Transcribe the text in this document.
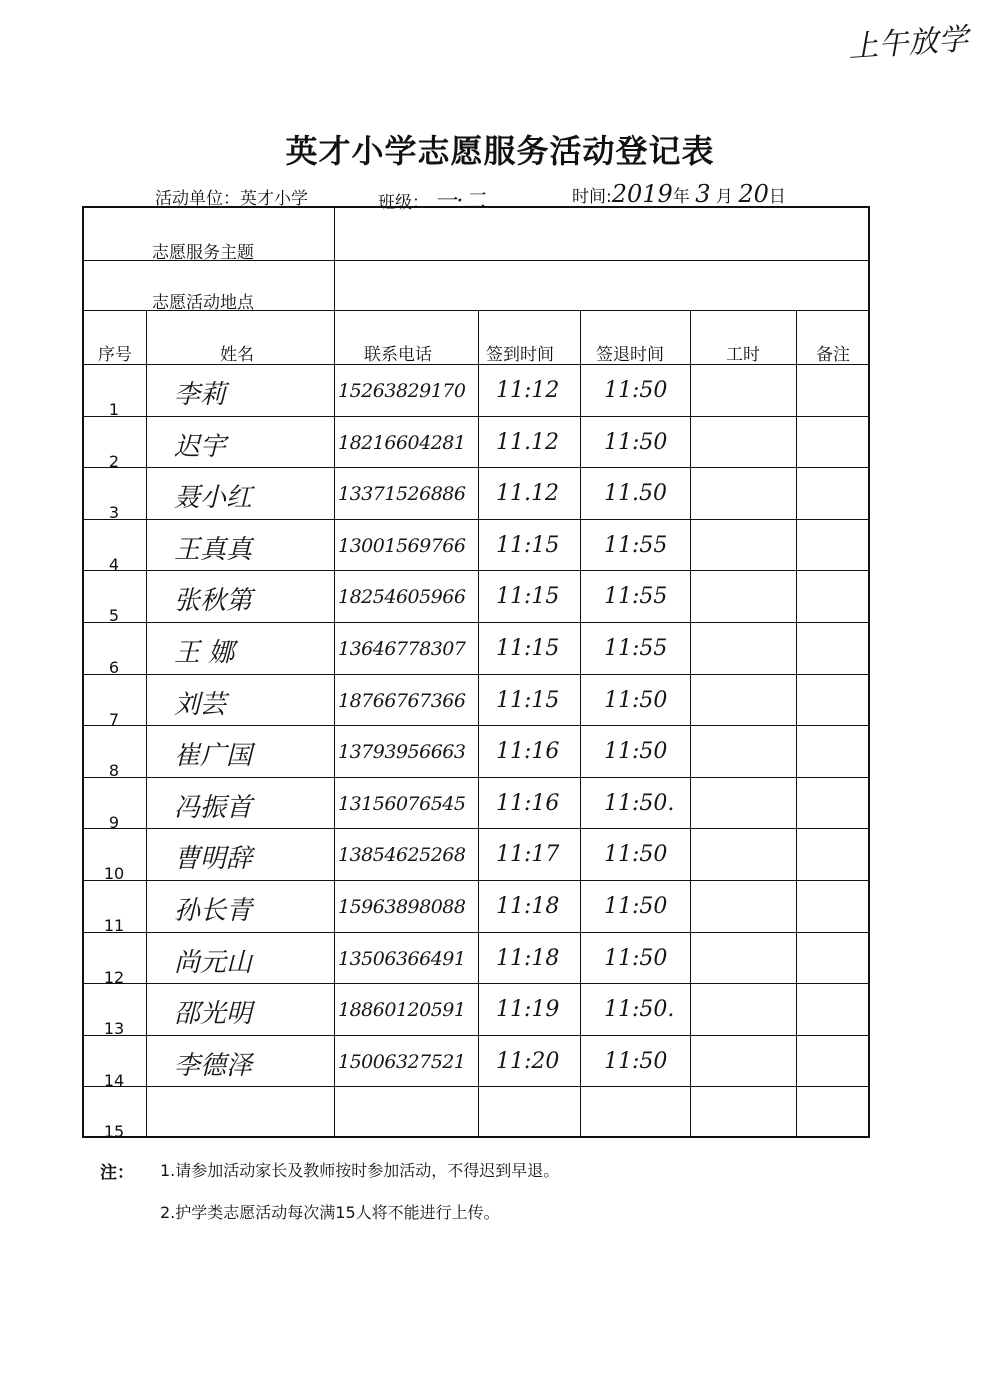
上午放学
英才小学志愿服务活动登记表
活动单位：英才小学	班级： 一·二	时间:2019年 3 月 20日
志愿服务主题
志愿活动地点
序号	姓名	联系电话	签到时间 签退时间	工时	备注
1	李莉	15263829170 11:12 11:50
2	迟宇	18216604281 11.12 11:50
3	聂小红	13371526886 11.12 11.50
4	王真真	13001569766 11:15 11:55
5	张秋第	18254605966 11:15 11:55
6	王 娜	13646778307 11:15 11:55
7	刘芸	18766767366 11:15 11:50
8	崔广国	13793956663 11:16 11:50
9	冯振首	13156076545 11:16 11:50.
10	曹明辞	13854625268 11:17 11:50
11	孙长青	15963898088 11:18 11:50
12	尚元山	13506366491 11:18 11:50
13	邵光明	18860120591 11:19 11:50.
14	李德泽	15006327521 11:20 11:50
15
注： 1.请参加活动家长及教师按时参加活动，不得迟到早退。
2.护学类志愿活动每次满15人将不能进行上传。
